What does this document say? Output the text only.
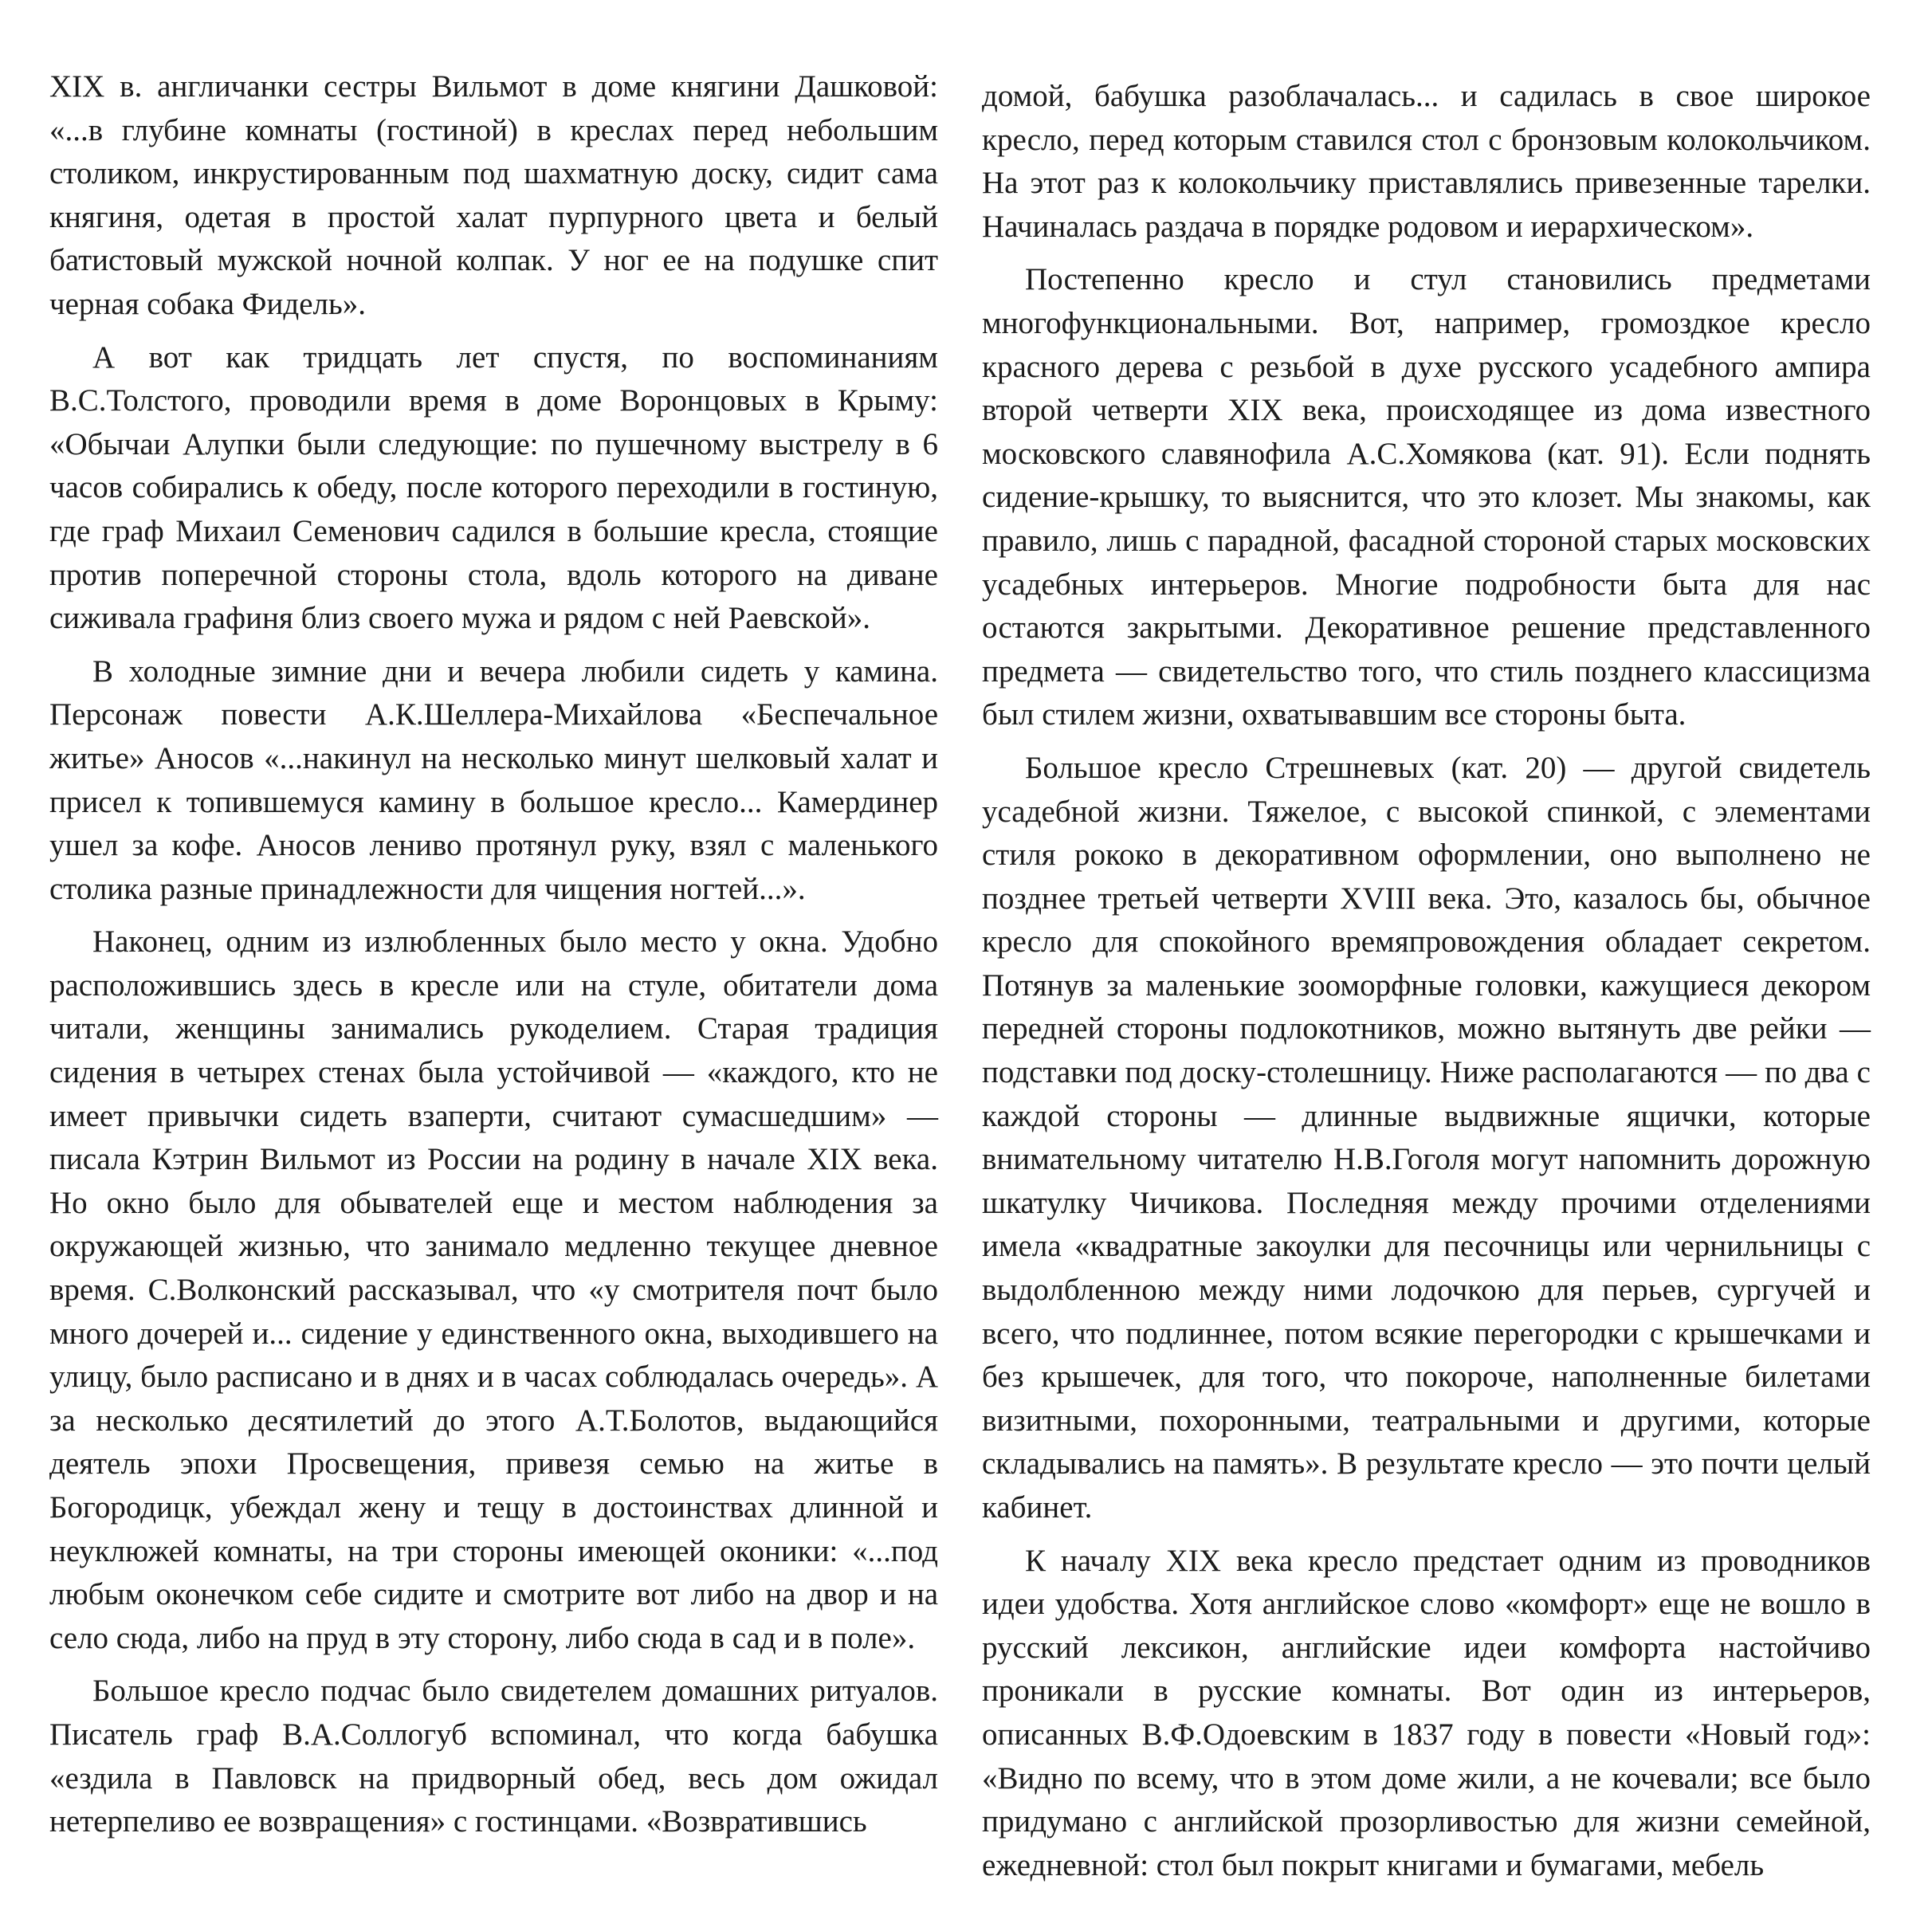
XIX в. англичанки сестры Вильмот в доме княгини Дашковой: «...в глубине комнаты (гостиной) в креслах перед небольшим столиком, инкрустированным под шахматную доску, сидит сама княгиня, одетая в простой халат пурпурного цвета и белый батистовый мужской ночной колпак. У ног ее на подушке спит черная собака Фидель».

А вот как тридцать лет спустя, по воспоминаниям В.С.Толстого, проводили время в доме Воронцовых в Крыму: «Обычаи Алупки были следующие: по пушечному выстрелу в 6 часов собирались к обеду, после которого переходили в гостиную, где граф Михаил Семенович садился в большие кресла, стоящие против поперечной стороны стола, вдоль которого на диване сиживала графиня близ своего мужа и рядом с ней Раевской».

В холодные зимние дни и вечера любили сидеть у камина. Персонаж повести А.К.Шеллера-Михайлова «Беспечальное житье» Аносов «...накинул на несколько минут шелковый халат и присел к топившемуся камину в большое кресло... Камердинер ушел за кофе. Аносов лениво протянул руку, взял с маленького столика разные принадлежности для чищения ногтей...».

Наконец, одним из излюбленных было место у окна. Удобно расположившись здесь в кресле или на стуле, обитатели дома читали, женщины занимались рукоделием. Старая традиция сидения в четырех стенах была устойчивой — «каждого, кто не имеет привычки сидеть взаперти, считают сумасшедшим» — писала Кэтрин Вильмот из России на родину в начале XIX века. Но окно было для обывателей еще и местом наблюдения за окружающей жизнью, что занимало медленно текущее дневное время. С.Волконский рассказывал, что «у смотрителя почт было много дочерей и... сидение у единственного окна, выходившего на улицу, было расписано и в днях и в часах соблюдалась очередь». А за несколько десятилетий до этого А.Т.Болотов, выдающийся деятель эпохи Просвещения, привезя семью на житье в Богородицк, убеждал жену и тещу в достоинствах длинной и неуклюжей комнаты, на три стороны имеющей оконики: «...под любым оконечком себе сидите и смотрите вот либо на двор и на село сюда, либо на пруд в эту сторону, либо сюда в сад и в поле».

Большое кресло подчас было свидетелем домашних ритуалов. Писатель граф В.А.Соллогуб вспоминал, что когда бабушка «ездила в Павловск на придворный обед, весь дом ожидал нетерпеливо ее возвращения» с гостинцами. «Возвратившись

домой, бабушка разоблачалась... и садилась в свое широкое кресло, перед которым ставился стол с бронзовым колокольчиком. На этот раз к колокольчику приставлялись привезенные тарелки. Начиналась раздача в порядке родовом и иерархическом».

Постепенно кресло и стул становились предметами многофункциональными. Вот, например, громоздкое кресло красного дерева с резьбой в духе русского усадебного ампира второй четверти XIX века, происходящее из дома известного московского славянофила А.С.Хомякова (кат. 91). Если поднять сидение-крышку, то выяснится, что это клозет. Мы знакомы, как правило, лишь с парадной, фасадной стороной старых московских усадебных интерьеров. Многие подробности быта для нас остаются закрытыми. Декоративное решение представленного предмета — свидетельство того, что стиль позднего классицизма был стилем жизни, охватывавшим все стороны быта.

Большое кресло Стрешневых (кат. 20) — другой свидетель усадебной жизни. Тяжелое, с высокой спинкой, с элементами стиля рококо в декоративном оформлении, оно выполнено не позднее третьей четверти XVIII века. Это, казалось бы, обычное кресло для спокойного времяпровождения обладает секретом. Потянув за маленькие зооморфные головки, кажущиеся декором передней стороны подлокотников, можно вытянуть две рейки — подставки под доску-столешницу. Ниже располагаются — по два с каждой стороны — длинные выдвижные ящички, которые внимательному читателю Н.В.Гоголя могут напомнить дорожную шкатулку Чичикова. Последняя между прочими отделениями имела «квадратные закоулки для песочницы или чернильницы с выдолбленною между ними лодочкою для перьев, сургучей и всего, что подлиннее, потом всякие перегородки с крышечками и без крышечек, для того, что покороче, наполненные билетами визитными, похоронными, театральными и другими, которые складывались на память». В результате кресло — это почти целый кабинет.

К началу XIX века кресло предстает одним из проводников идеи удобства. Хотя английское слово «комфорт» еще не вошло в русский лексикон, английские идеи комфорта настойчиво проникали в русские комнаты. Вот один из интерьеров, описанных В.Ф.Одоевским в 1837 году в повести «Новый год»: «Видно по всему, что в этом доме жили, а не кочевали; все было придумано с английской прозорливостью для жизни семейной, ежедневной: стол был покрыт книгами и бумагами, мебель
